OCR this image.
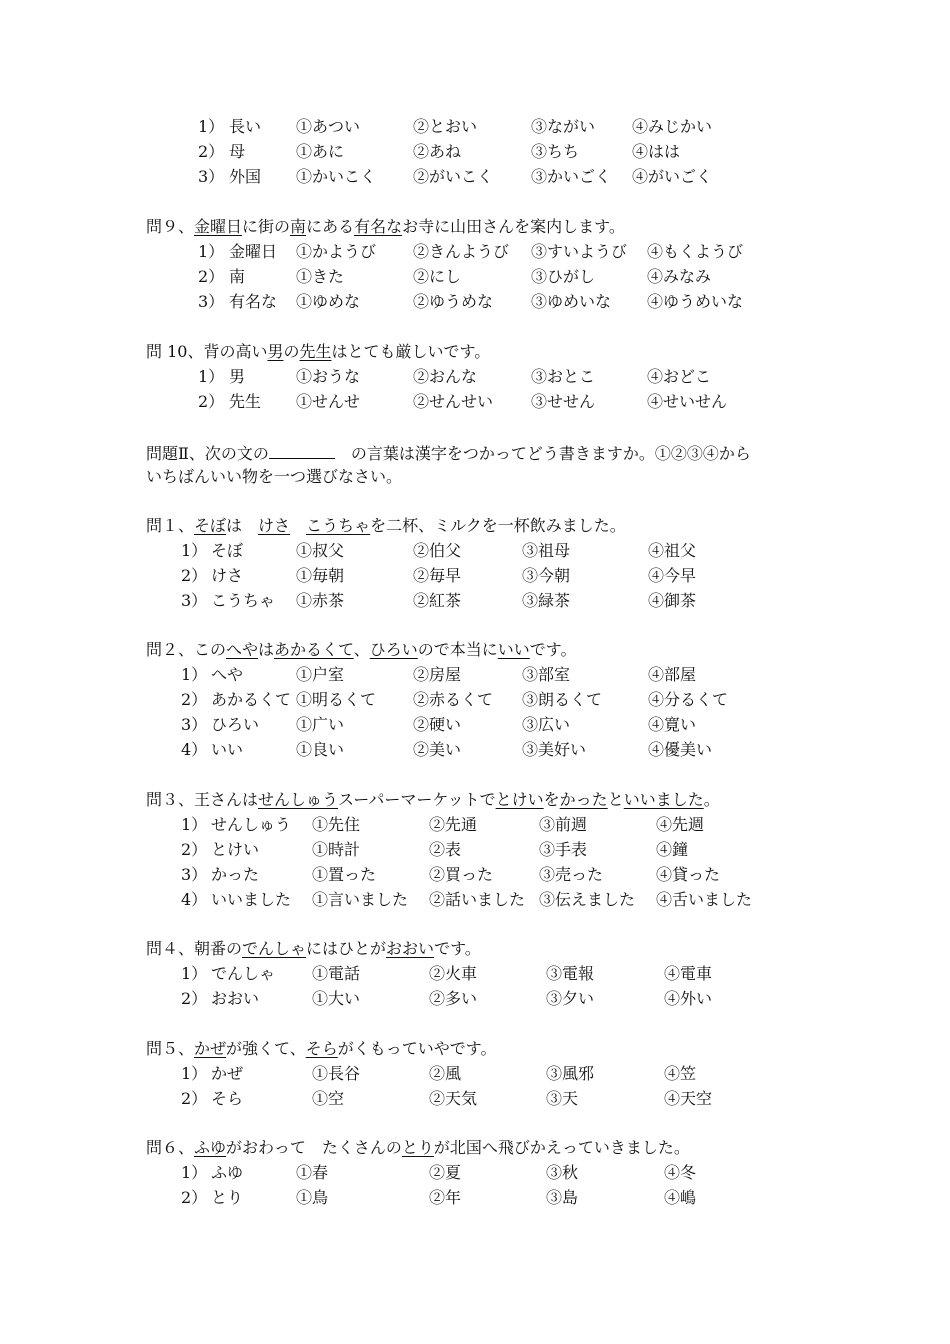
問題Ⅱ、次の文の	の言葉は漢字をつかってどう書きますか。①②③④から
いちばんいい物を一つ選びなさい。
1） 長い ①あつい	②とおい	③ながい ④みじかい
2） 母	①あに	②あね	③ちち	④はは
3） 外国 ①かいこく ②がいこく ③かいごく ④がいごく
問９、金曜日に街の南にある有名なお寺に山田さんを案内します。
1） 金曜日 ①かようび ②きんようび ③すいようび ④もくようび
2） 南	①きた	②にし	③ひがし	④みなみ
3） 有名な ①ゆめな	②ゆうめな ③ゆめいな ④ゆうめいな
問 10、背の高い男の先生はとても厳しいです。
1） 男	①おうな	②おんな	③おとこ	④おどこ
2） 先生 ①せんせ	②せんせい ③せせん	④せいせん
問１、そぼは　けさ　 こうちゃを二杯、ミルクを一杯飲みました。
1） そぼ	①叔父	②伯父	③祖母	④祖父
2） けさ	①毎朝	②毎早	③今朝	④今早
3） こうちゃ ①赤茶	②紅茶	③緑茶	④御茶
問２、このへやはあかるくて、ひろいので本当にいいです。
1） へや	①户室	②房屋	③部室	④部屋
2） あかるくて ①明るくて ②赤るくて ③朗るくて	④分るくて
3） ひろい ①广い	②硬い	③広い	④寛い
4） いい	①良い	②美い	③美好い	④優美い
問３、王さんはせんしゅうスーパーマーケットでとけいをかったといいました。
1） せんしゅう ①先住	②先通	③前週	④先週
2） とけい	①時計	②表	③手表	④鐘
3） かった	①置った	②買った	③売った	④貸った
4） いいました ①言いました ②話いました ③伝えました ④舌いました
問４、朝番のでんしゃにはひとがおおいです。
1） でんしゃ ①電話	②火車	③電報	④電車
2） おおい	①大い	②多い	③夕い	④外い
問５、かぜが強くて、そらがくもっていやです。
1） かぜ	①長谷	②風	③風邪	④笠
2） そら	①空	②天気	③天	④天空
問６、ふゆがおわって　たくさんのとりが北国へ飛びかえっていきました。
1） ふゆ	①春	②夏	③秋	④冬
2） とり	①鳥	②年	③島	④嶋
